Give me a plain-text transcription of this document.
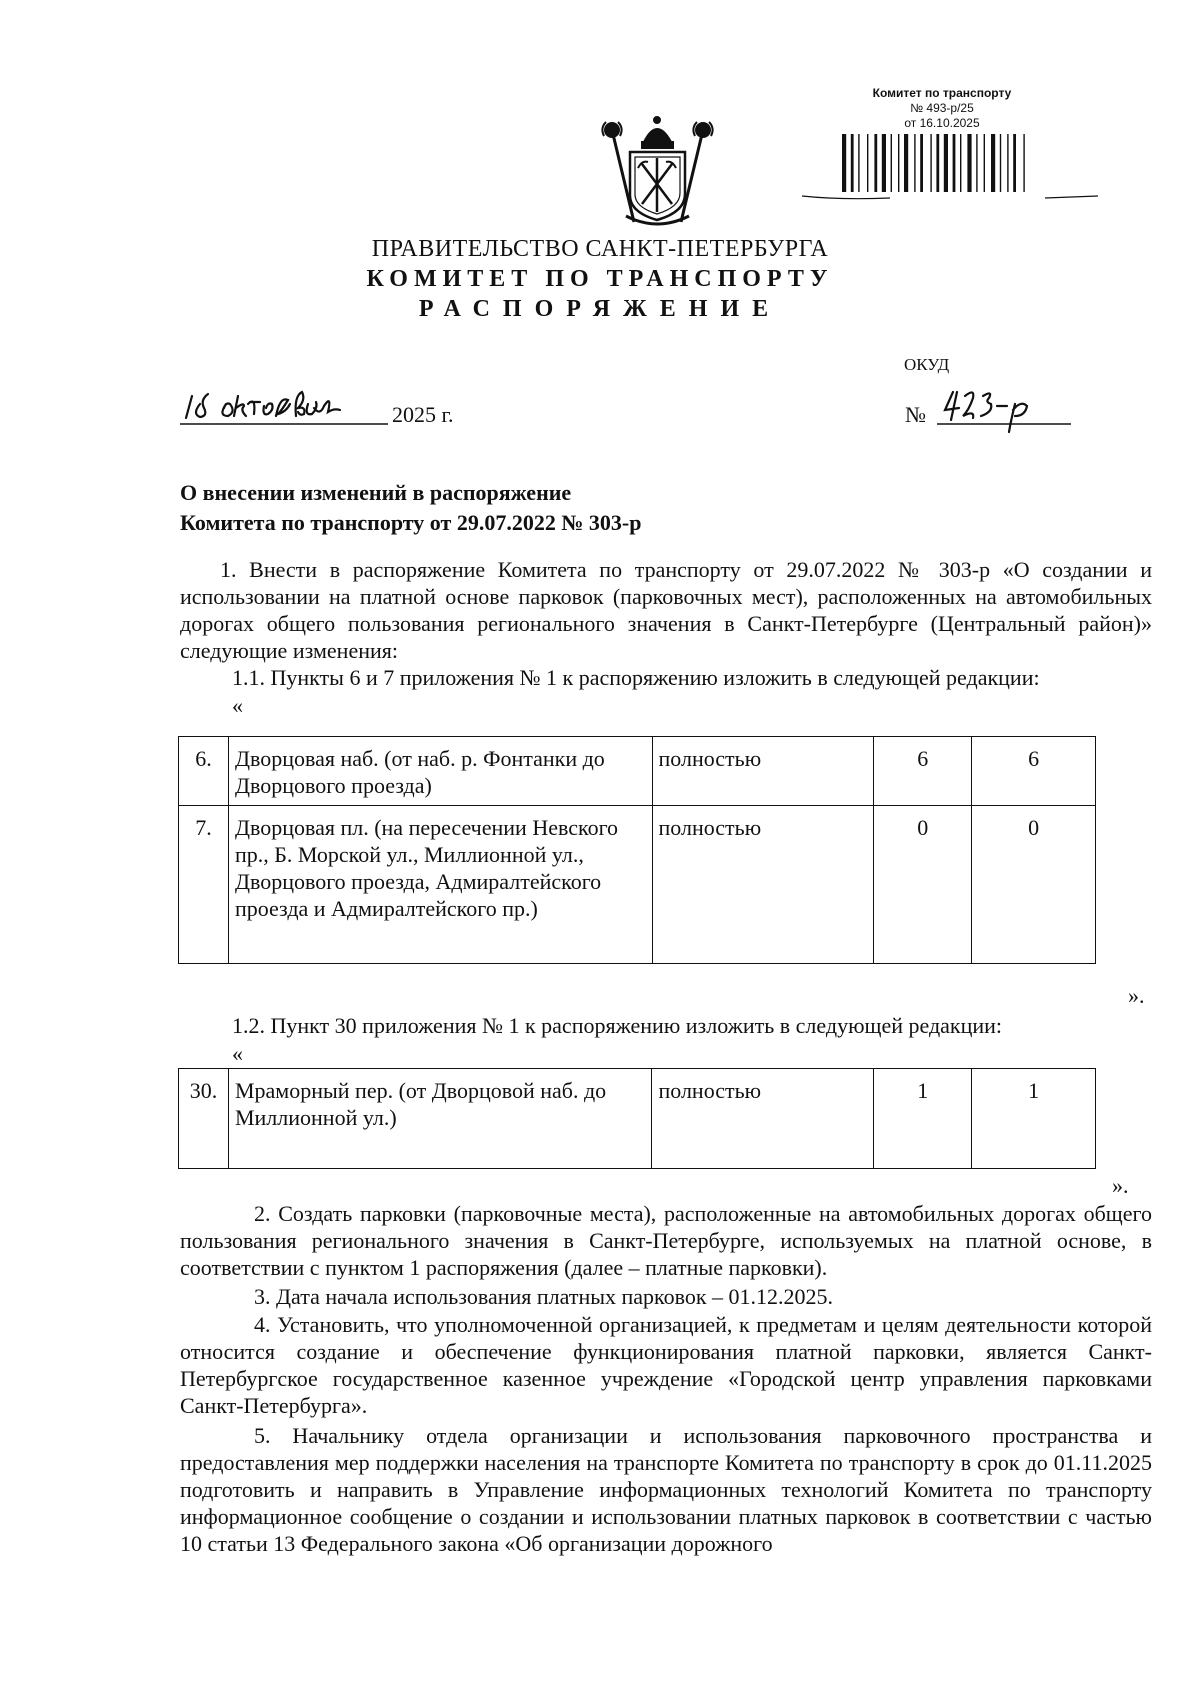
Комитет по транспорту
№ 493-р/25
от 16.10.2025
ПРАВИТЕЛЬСТВО САНКТ-ПЕТЕРБУРГА
КОМИТЕТ ПО ТРАНСПОРТУ
РАСПОРЯЖЕНИЕ
ОКУД
2025 г.	№
О внесении изменений в распоряжение
Комитета по транспорту от 29.07.2022 № 303-р

1. Внести в распоряжение Комитета по транспорту от 29.07.2022 № 303-р «О создании и использовании на платной основе парковок (парковочных мест), расположенных на автомобильных дорогах общего пользования регионального значения в Санкт-Петербурге (Центральный район)» следующие изменения:

1.1. Пункты 6 и 7 приложения № 1 к распоряжению изложить в следующей редакции:
«
6.	Дворцовая наб. (от наб. р. Фонтанки до Дворцового проезда)	полностью	6	6
7.	Дворцовая пл. (на пересечении Невского пр., Б. Морской ул., Миллионной ул., Дворцового проезда, Адмиралтейского проезда и Адмиралтейского пр.)	полностью	0	0
».
1.2. Пункт 30 приложения № 1 к распоряжению изложить в следующей редакции:
«
30.	Мраморный пер. (от Дворцовой наб. до Миллионной ул.)	полностью	1	1
».

2. Создать парковки (парковочные места), расположенные на автомобильных дорогах общего пользования регионального значения в Санкт-Петербурге, используемых на платной основе, в соответствии с пунктом 1 распоряжения (далее – платные парковки).

3. Дата начала использования платных парковок – 01.12.2025.

4. Установить, что уполномоченной организацией, к предметам и целям деятельности которой относится создание и обеспечение функционирования платной парковки, является Санкт-Петербургское государственное казенное учреждение «Городской центр управления парковками Санкт-Петербурга».

5. Начальнику отдела организации и использования парковочного пространства и предоставления мер поддержки населения на транспорте Комитета по транспорту в срок до 01.11.2025 подготовить и направить в Управление информационных технологий Комитета по транспорту информационное сообщение о создании и использовании платных парковок в соответствии с частью 10 статьи 13 Федерального закона «Об организации дорожного
